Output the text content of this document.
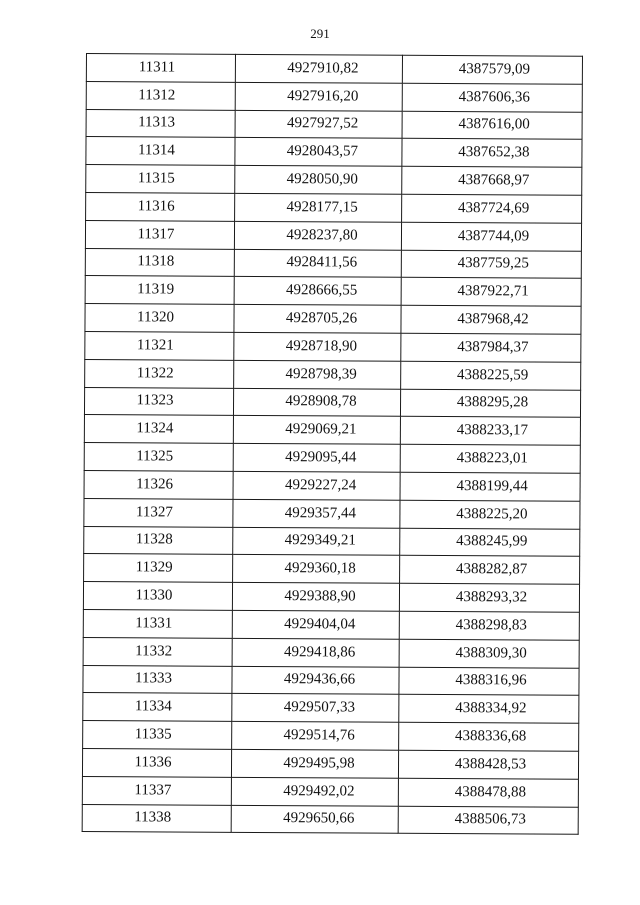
291
11311	4927910,82	4387579,09
11312	4927916,20	4387606,36
11313	4927927,52	4387616,00
11314	4928043,57	4387652,38
11315	4928050,90	4387668,97
11316	4928177,15	4387724,69
11317	4928237,80	4387744,09
11318	4928411,56	4387759,25
11319	4928666,55	4387922,71
11320	4928705,26	4387968,42
11321	4928718,90	4387984,37
11322	4928798,39	4388225,59
11323	4928908,78	4388295,28
11324	4929069,21	4388233,17
11325	4929095,44	4388223,01
11326	4929227,24	4388199,44
11327	4929357,44	4388225,20
11328	4929349,21	4388245,99
11329	4929360,18	4388282,87
11330	4929388,90	4388293,32
11331	4929404,04	4388298,83
11332	4929418,86	4388309,30
11333	4929436,66	4388316,96
11334	4929507,33	4388334,92
11335	4929514,76	4388336,68
11336	4929495,98	4388428,53
11337	4929492,02	4388478,88
11338	4929650,66	4388506,73
